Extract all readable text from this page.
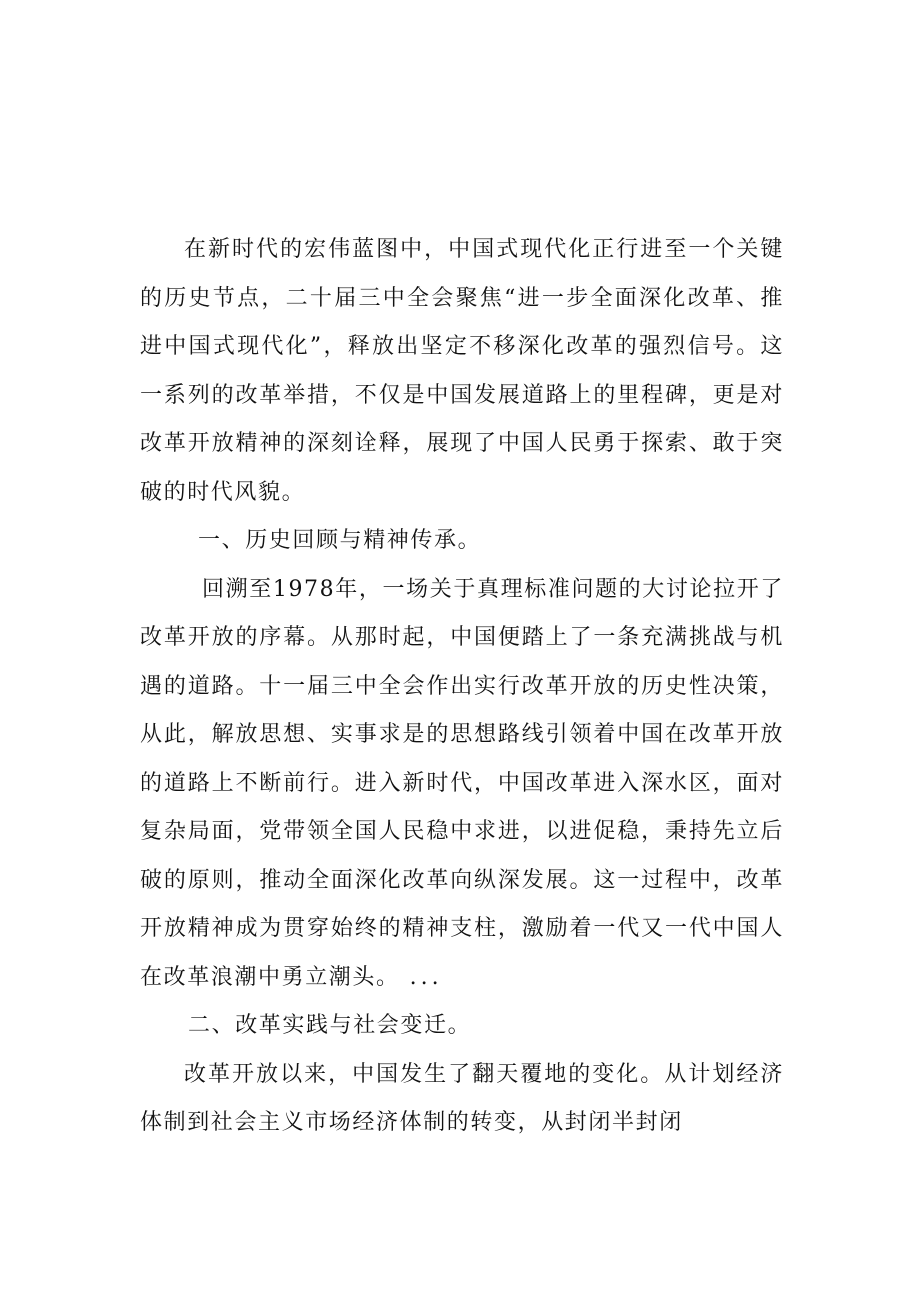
在新时代的宏伟蓝图中，中国式现代化正行进至一个关键的历史节点，二十届三中全会聚焦“进一步全面深化改革、推进中国式现代化”，释放出坚定不移深化改革的强烈信号。这一系列的改革举措，不仅是中国发展道路上的里程碑，更是对改革开放精神的深刻诠释，展现了中国人民勇于探索、敢于突破的时代风貌。

一、历史回顾与精神传承。

回溯至1978年，一场关于真理标准问题的大讨论拉开了改革开放的序幕。从那时起，中国便踏上了一条充满挑战与机遇的道路。十一届三中全会作出实行改革开放的历史性决策，从此，解放思想、实事求是的思想路线引领着中国在改革开放的道路上不断前行。进入新时代，中国改革进入深水区，面对复杂局面，党带领全国人民稳中求进，以进促稳，秉持先立后破的原则，推动全面深化改革向纵深发展。这一过程中，改革开放精神成为贯穿始终的精神支柱，激励着一代又一代中国人在改革浪潮中勇立潮头。 ...

二、改革实践与社会变迁。

改革开放以来，中国发生了翻天覆地的变化。从计划经济体制到社会主义市场经济体制的转变，从封闭半封闭
